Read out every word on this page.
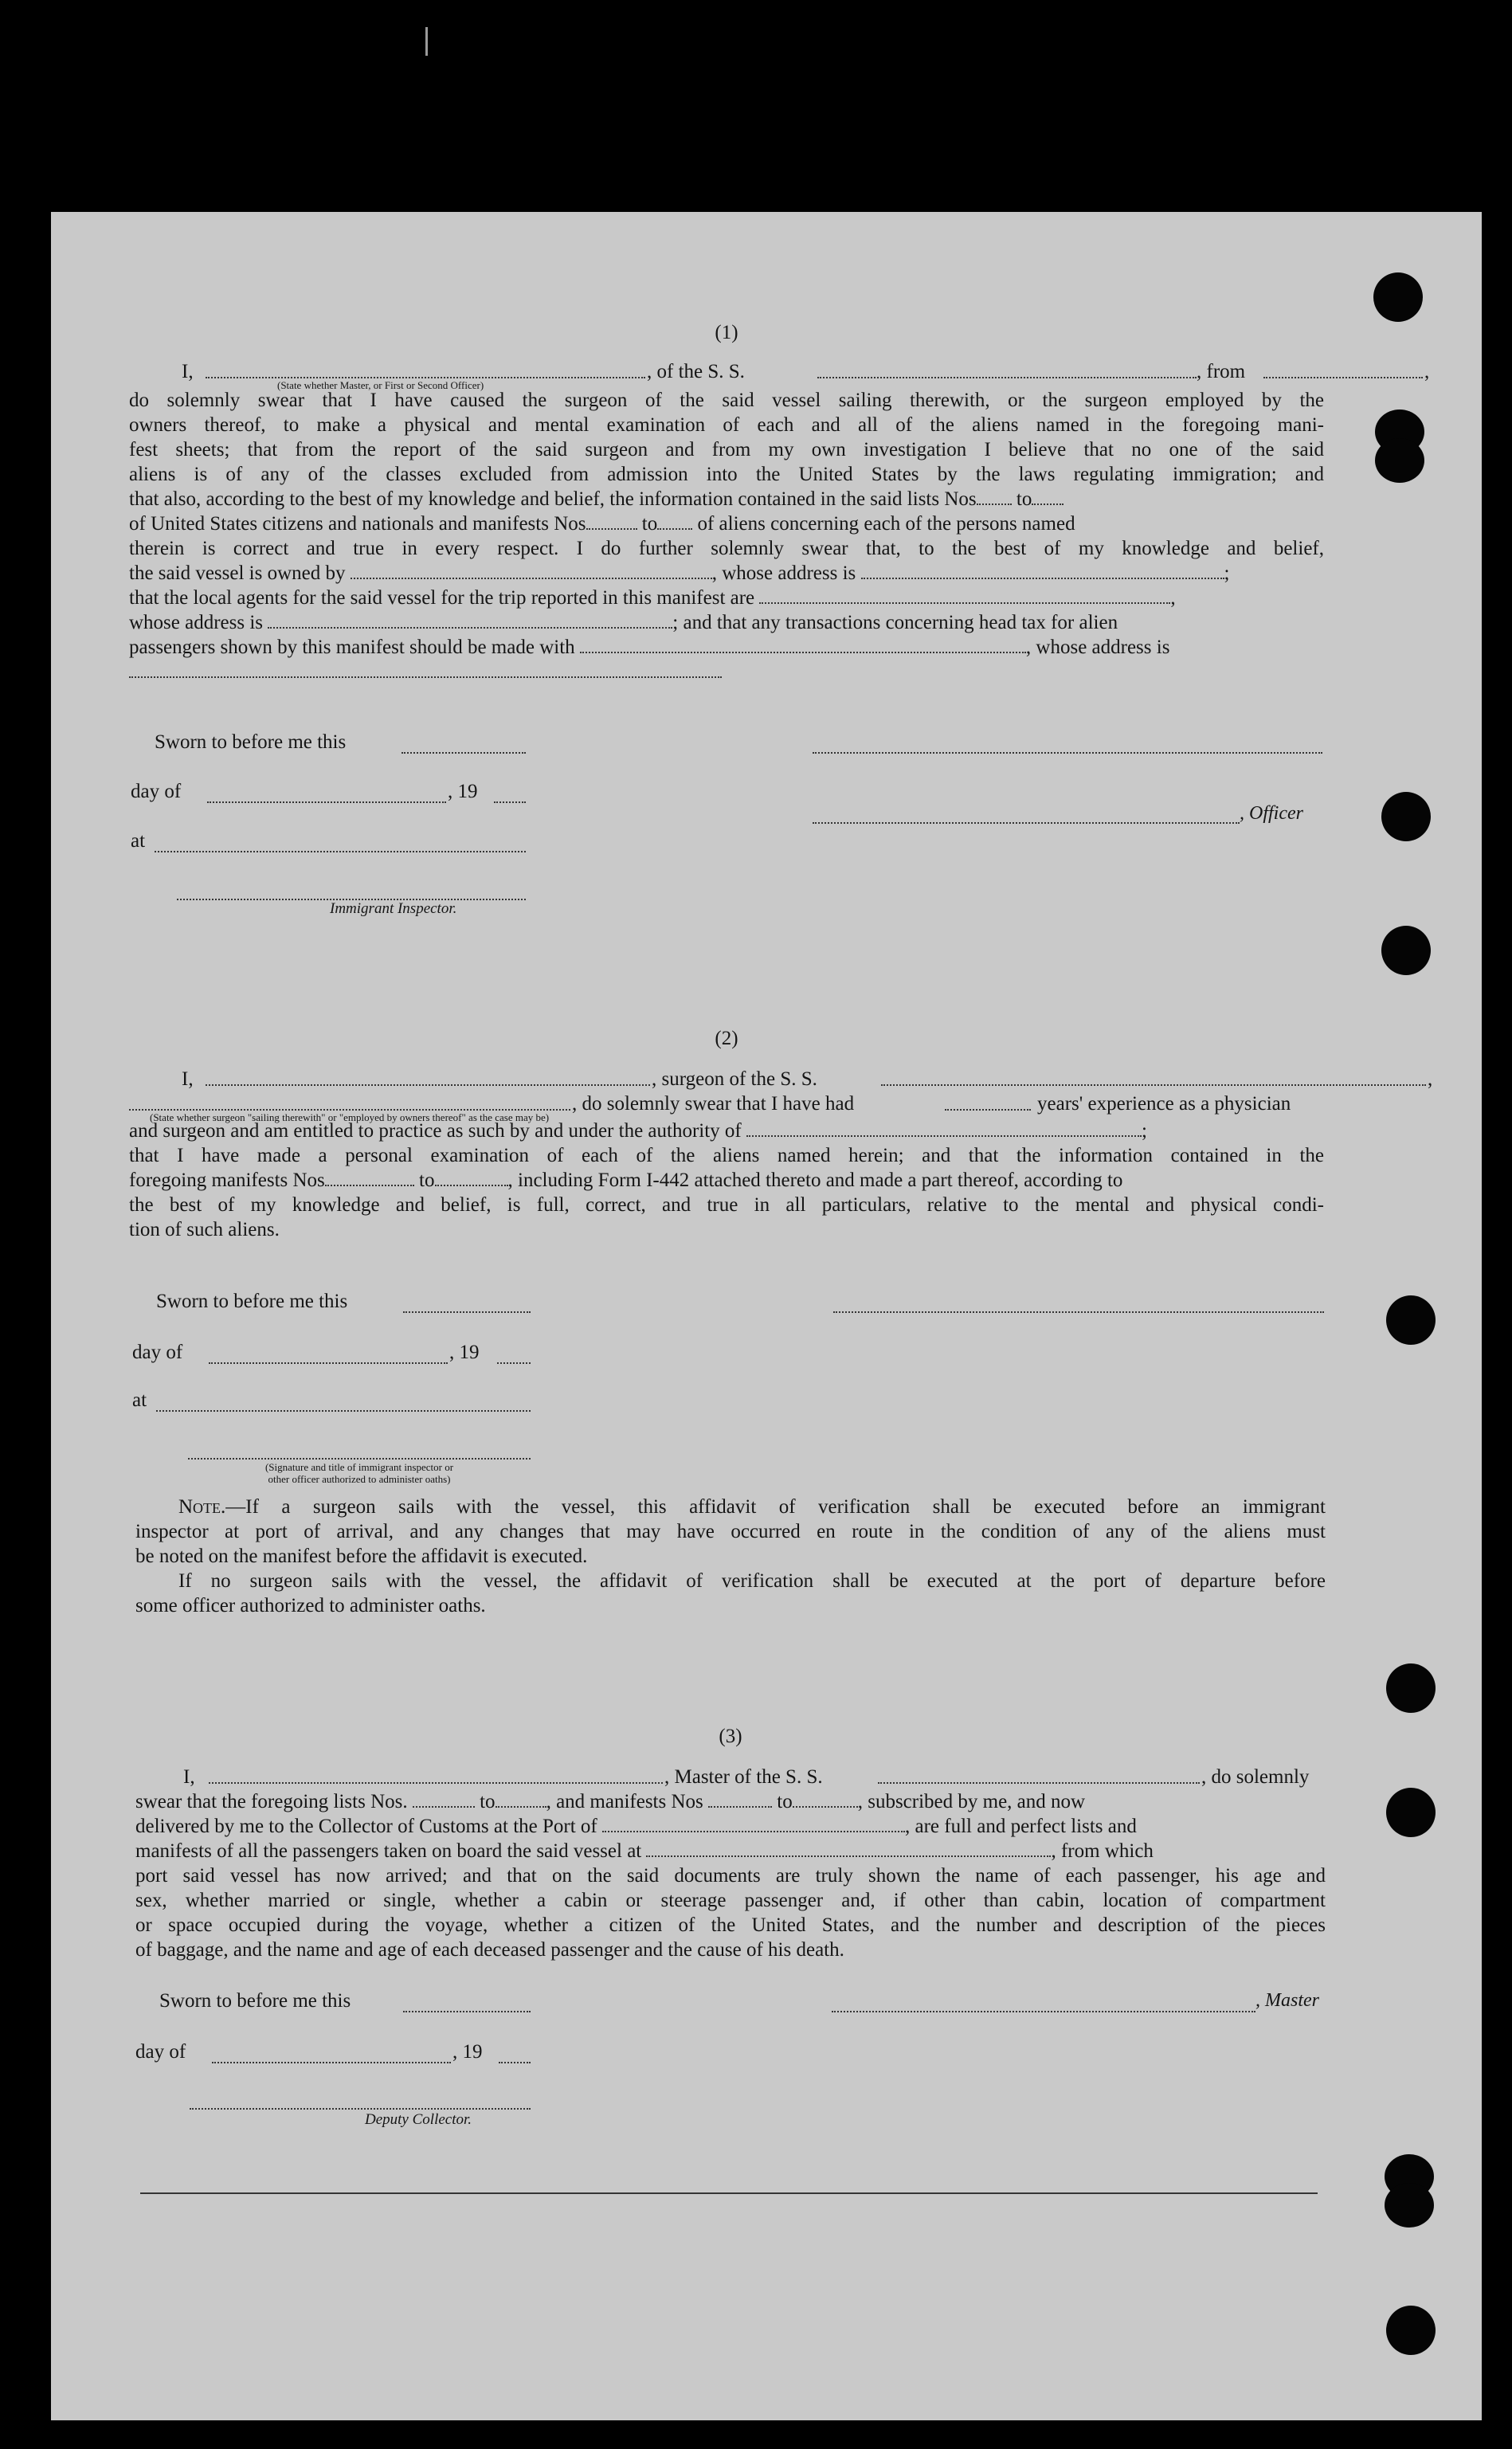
(1)
I,	, of the S. S.	, from	,
(State whether Master, or First or Second Officer)
do solemnly swear that I have caused the surgeon of the said vessel sailing therewith, or the surgeon employed by the
owners thereof, to make a physical and mental examination of each and all of the aliens named in the foregoing mani-
fest sheets; that from the report of the said surgeon and from my own investigation I believe that no one of the said
aliens is of any of the classes excluded from admission into the United States by the laws regulating immigration; and
that also, according to the best of my knowledge and belief, the information contained in the said lists Nos to
of United States citizens and nationals and manifests Nos	to of aliens concerning each of the persons named
therein is correct and true in every respect. I do further solemnly swear that, to the best of my knowledge and belief,
the said vessel is owned by	, whose address is	;
that the local agents for the said vessel for the trip reported in this manifest are	,
whose address is	; and that any transactions concerning head tax for alien
passengers shown by this manifest should be made with	, whose address is
Sworn to before me this
day of	, 19
, Officer
at
Immigrant Inspector.
(2)
I,	, surgeon of the S. S.	,
, do solemnly swear that I have had	years' experience as a physician
(State whether surgeon "sailing therewith" or "employed by owners thereof" as the case may be)
and surgeon and am entitled to practice as such by and under the authority of	;
that I have made a personal examination of each of the aliens named herein; and that the information contained in the
foregoing manifests Nos	to	, including Form I-442 attached thereto and made a part thereof, according to
the best of my knowledge and belief, is full, correct, and true in all particulars, relative to the mental and physical condi-
tion of such aliens.
Sworn to before me this
day of	, 19
at
(Signature and title of immigrant inspector or
other officer authorized to administer oaths)
Note.—If a surgeon sails with the vessel, this affidavit of verification shall be executed before an immigrant
inspector at port of arrival, and any changes that may have occurred en route in the condition of any of the aliens must
be noted on the manifest before the affidavit is executed.
If no surgeon sails with the vessel, the affidavit of verification shall be executed at the port of departure before
some officer authorized to administer oaths.
(3)
I,	, Master of the S. S.	, do solemnly
swear that the foregoing lists Nos.	to	, and manifests Nos	to	, subscribed by me, and now
delivered by me to the Collector of Customs at the Port of	, are full and perfect lists and
manifests of all the passengers taken on board the said vessel at	, from which
port said vessel has now arrived; and that on the said documents are truly shown the name of each passenger, his age and
sex, whether married or single, whether a cabin or steerage passenger and, if other than cabin, location of compartment
or space occupied during the voyage, whether a citizen of the United States, and the number and description of the pieces
of baggage, and the name and age of each deceased passenger and the cause of his death.
Sworn to before me this	, Master
day of	, 19
Deputy Collector.
